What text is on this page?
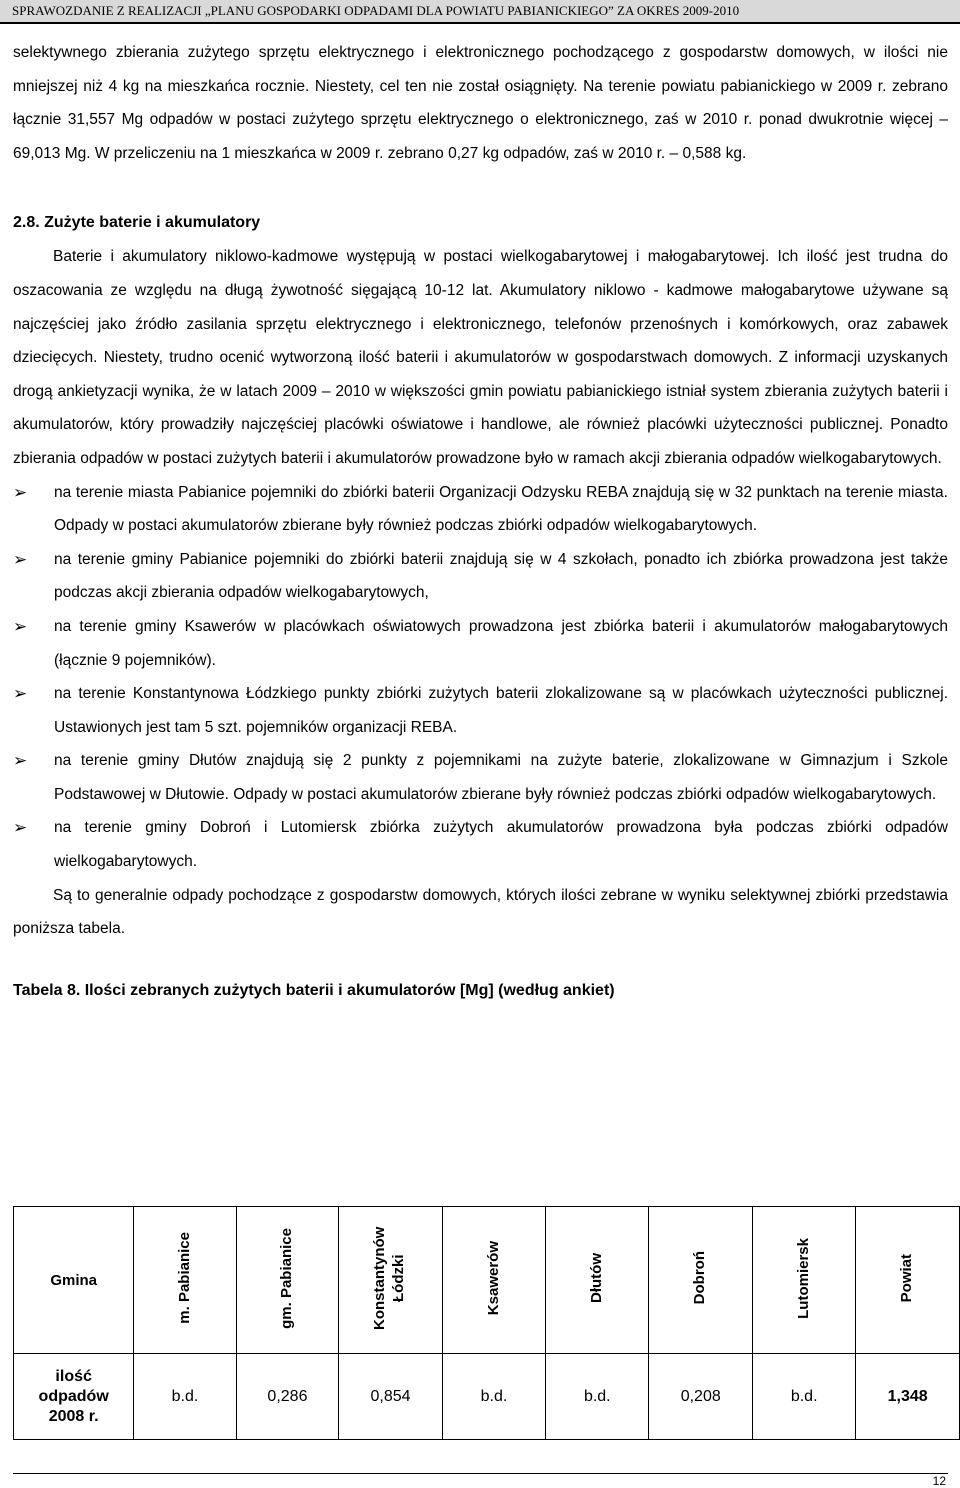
SPRAWOZDANIE Z REALIZACJI „PLANU GOSPODARKI ODPADAMI DLA POWIATU PABIANICKIEGO” ZA OKRES 2009-2010

selektywnego zbierania zużytego sprzętu elektrycznego i elektronicznego pochodzącego z gospodarstw domowych, w ilości nie mniejszej niż 4 kg na mieszkańca rocznie. Niestety, cel ten nie został osiągnięty. Na terenie powiatu pabianickiego w 2009 r. zebrano łącznie 31,557 Mg odpadów w postaci zużytego sprzętu elektrycznego o elektronicznego, zaś w 2010 r. ponad dwukrotnie więcej – 69,013 Mg. W przeliczeniu na 1 mieszkańca w 2009 r. zebrano 0,27 kg odpadów, zaś w 2010 r. – 0,588 kg.

2.8. Zużyte baterie i akumulatory

Baterie i akumulatory niklowo-kadmowe występują w postaci wielkogabarytowej i małogabarytowej. Ich ilość jest trudna do oszacowania ze względu na długą żywotność sięgającą 10-12 lat. Akumulatory niklowo - kadmowe małogabarytowe używane są najczęściej jako źródło zasilania sprzętu elektrycznego i elektronicznego, telefonów przenośnych i komórkowych, oraz zabawek dziecięcych. Niestety, trudno ocenić wytworzoną ilość baterii i akumulatorów w gospodarstwach domowych. Z informacji uzyskanych drogą ankietyzacji wynika, że w latach 2009 – 2010 w większości gmin powiatu pabianickiego istniał system zbierania zużytych baterii i akumulatorów, który prowadziły najczęściej placówki oświatowe i handlowe, ale również placówki użyteczności publicznej. Ponadto zbierania odpadów w postaci zużytych baterii i akumulatorów prowadzone było w ramach akcji zbierania odpadów wielkogabarytowych.

➢ na terenie miasta Pabianice pojemniki do zbiórki baterii Organizacji Odzysku REBA znajdują się w 32 punktach na terenie miasta. Odpady w postaci akumulatorów zbierane były również podczas zbiórki odpadów wielkogabarytowych.
➢ na terenie gminy Pabianice pojemniki do zbiórki baterii znajdują się w 4 szkołach, ponadto ich zbiórka prowadzona jest także podczas akcji zbierania odpadów wielkogabarytowych,
➢ na terenie gminy Ksawerów w placówkach oświatowych prowadzona jest zbiórka baterii i akumulatorów małogabarytowych (łącznie 9 pojemników).
➢ na terenie Konstantynowa Łódzkiego punkty zbiórki zużytych baterii zlokalizowane są w placówkach użyteczności publicznej. Ustawionych jest tam 5 szt. pojemników organizacji REBA.
➢ na terenie gminy Dłutów znajdują się 2 punkty z pojemnikami na zużyte baterie, zlokalizowane w Gimnazjum i Szkole Podstawowej w Dłutowie. Odpady w postaci akumulatorów zbierane były również podczas zbiórki odpadów wielkogabarytowych.
➢ na terenie gminy Dobroń i Lutomiersk zbiórka zużytych akumulatorów prowadzona była podczas zbiórki odpadów wielkogabarytowych.

Są to generalnie odpady pochodzące z gospodarstw domowych, których ilości zebrane w wyniku selektywnej zbiórki przedstawia poniższa tabela.

Tabela 8. Ilości zebranych zużytych baterii i akumulatorów [Mg] (według ankiet)
Gmina	m. Pabianice	gm. Pabianice	Konstantynów Łódzki	Ksawerów	Dłutów	Dobroń	Lutomiersk	Powiat

ilość odpadów 2008 r.	b.d.	0,286	0,854	b.d.	b.d.	0,208	b.d.	1,348
12
